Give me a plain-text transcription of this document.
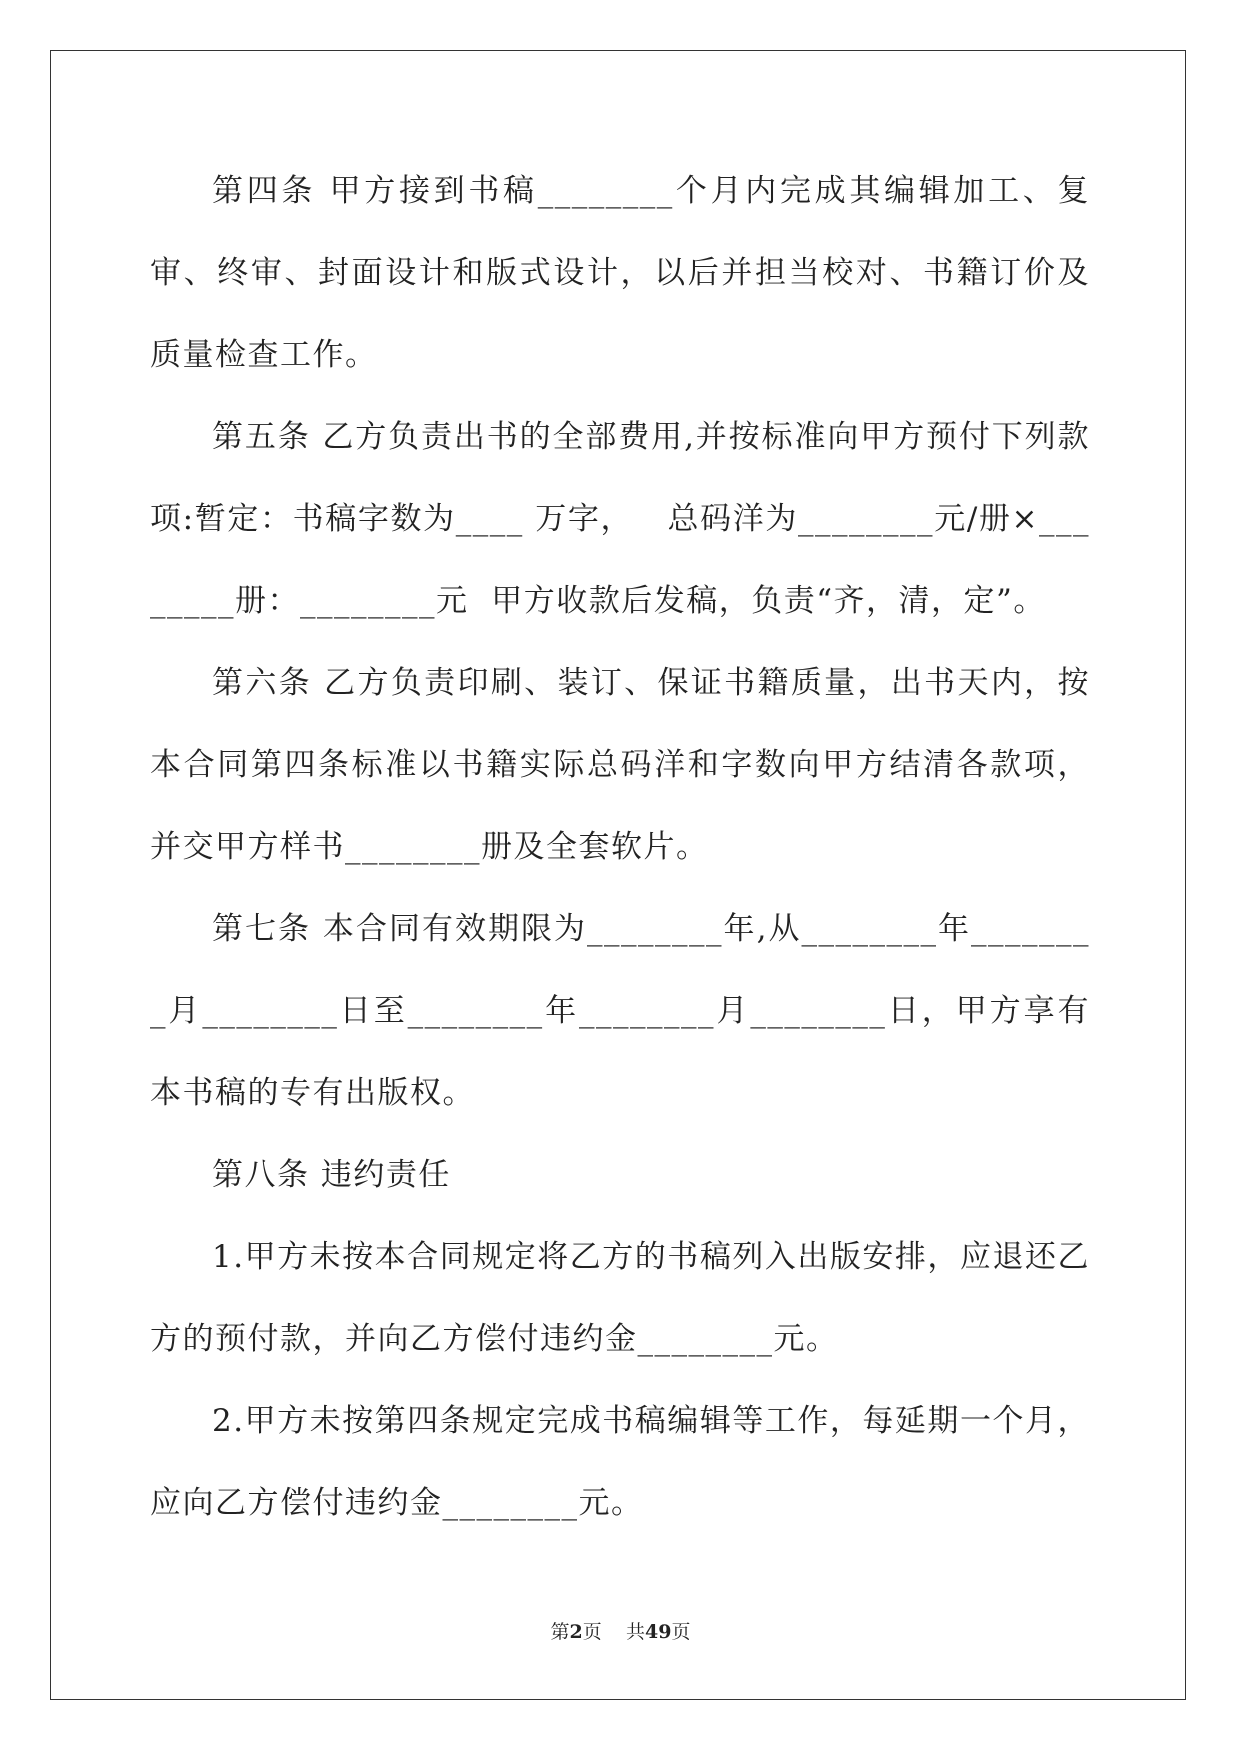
第四条 甲方接到书稿________个月内完成其编辑加工、复审、终审、封面设计和版式设计，以后并担当校对、书籍订价及质量检查工作。

第五条 乙方负责出书的全部费用,并按标准向甲方预付下列款项:暂定：书稿字数为____ 万字，   总码洋为________元/册×________册：________元  甲方收款后发稿，负责“齐，清，定”。

第六条 乙方负责印刷、装订、保证书籍质量，出书天内，按本合同第四条标准以书籍实际总码洋和字数向甲方结清各款项，并交甲方样书________册及全套软片。

第七条 本合同有效期限为________年,从________年________月________日至________年________月________日，甲方享有本书稿的专有出版权。

第八条 违约责任

1.甲方未按本合同规定将乙方的书稿列入出版安排，应退还乙方的预付款，并向乙方偿付违约金________元。

2.甲方未按第四条规定完成书稿编辑等工作，每延期一个月，应向乙方偿付违约金________元。

第2页 共49页
